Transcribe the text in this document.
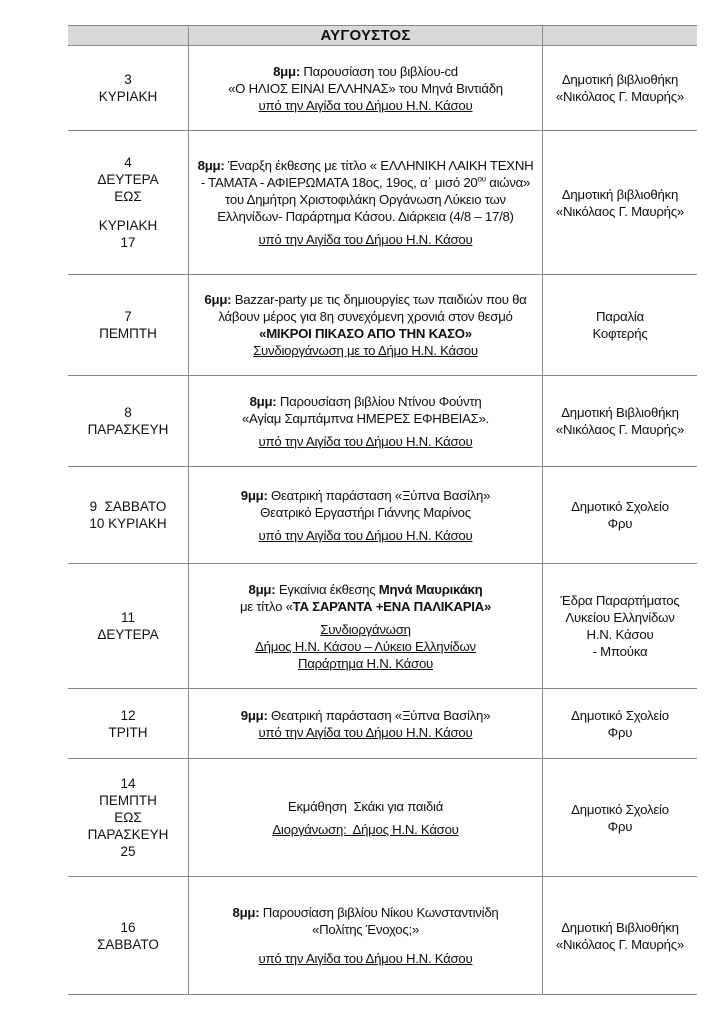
ΑΥΓΟΥΣΤΟΣ
3
ΚΥΡΙΑΚΗ

8μμ: Παρουσίαση του βιβλίου-cd

«Ο ΗΛΙΟΣ ΕΙΝΑΙ ΕΛΛΗΝΑΣ» του Μηνά Βιντιάδη

υπό την Αιγίδα του Δήμου Η.Ν. Κάσου

Δημοτική βιβλιοθήκη
«Νικόλαος Γ. Μαυρής»
4
ΔΕΥΤΕΡΑ
ΕΩΣ
ΚΥΡΙΑΚΗ
17

8μμ: Έναρξη έκθεσης με τίτλο « ΕΛΛΗΝΙΚΗ ΛΑΙΚΗ ΤΕΧΝΗ - ΤΑΜΑΤΑ - ΑΦΙΕΡΩΜΑΤΑ 18ος, 19ος, α΄ μισό $20^{o\upsilon}$ αιώνα» του Δημήτρη Χριστοφιλάκη Οργάνωση Λύκειο των Ελληνίδων- Παράρτημα Κάσου. Διάρκεια (4/8 – 17/8)

υπό την Αιγίδα του Δήμου Η.Ν. Κάσου

Δημοτική βιβλιοθήκη
«Νικόλαος Γ. Μαυρής»
7
ΠΕΜΠΤΗ

6μμ: Bazzar-party με τις δημιουργίες των παιδιών που θα λάβουν μέρος για 8η συνεχόμενη χρονιά στον θεσμό «ΜΙΚΡΟΙ ΠΙΚΑΣΟ ΑΠΟ ΤΗΝ ΚΑΣΟ»

Συνδιοργάνωση με το Δήμο Η.Ν. Κάσου

Παραλία
Κοφτερής
8
ΠΑΡΑΣΚΕΥΗ

8μμ: Παρουσίαση βιβλίου Ντίνου Φούντη

«Αγίαμ Σαμπάμπνα ΗΜΕΡΕΣ ΕΦΗΒΕΙΑΣ».

υπό την Αιγίδα του Δήμου Η.Ν. Κάσου

Δημοτική Βιβλιοθήκη
«Νικόλαος Γ. Μαυρής»
9  ΣΑΒΒΑΤΟ
10 ΚΥΡΙΑΚΗ

9μμ: Θεατρική παράσταση «Ξύπνα Βασίλη»

Θεατρικό Εργαστήρι Γιάννης Μαρίνος

υπό την Αιγίδα του Δήμου Η.Ν. Κάσου

Δημοτικό Σχολείο
Φρυ
11
ΔΕΥΤΕΡΑ

8μμ: Εγκαίνια έκθεσης Μηνά Μαυρικάκη

με τίτλο «ΤΑ ΣΑΡΆΝΤΑ +ΕΝΑ ΠΑΛΙΚΑΡΙΑ»

Συνδιοργάνωση

Δήμος Η.Ν. Κάσου – Λύκειο Ελληνίδων

Παράρτημα Η.Ν. Κάσου

Έδρα Παραρτήματος
Λυκείου Ελληνίδων
Η.Ν. Κάσου
- Μπούκα
12
ΤΡΙΤΗ

9μμ: Θεατρική παράσταση «Ξύπνα Βασίλη»

υπό την Αιγίδα του Δήμου Η.Ν. Κάσου

Δημοτικό Σχολείο
Φρυ
14
ΠΕΜΠΤΗ
ΕΩΣ
ΠΑΡΑΣΚΕΥΗ
25

Εκμάθηση  Σκάκι για παιδιά

Διοργάνωση:  Δήμος Η.Ν. Κάσου

Δημοτικό Σχολείο
Φρυ
16
ΣΑΒΒΑΤΟ

8μμ: Παρουσίαση βιβλίου Νίκου Κωνσταντινίδη

«Πολίτης Ένοχος;»

υπό την Αιγίδα του Δήμου Η.Ν. Κάσου

Δημοτική Βιβλιοθήκη
«Νικόλαος Γ. Μαυρής»
